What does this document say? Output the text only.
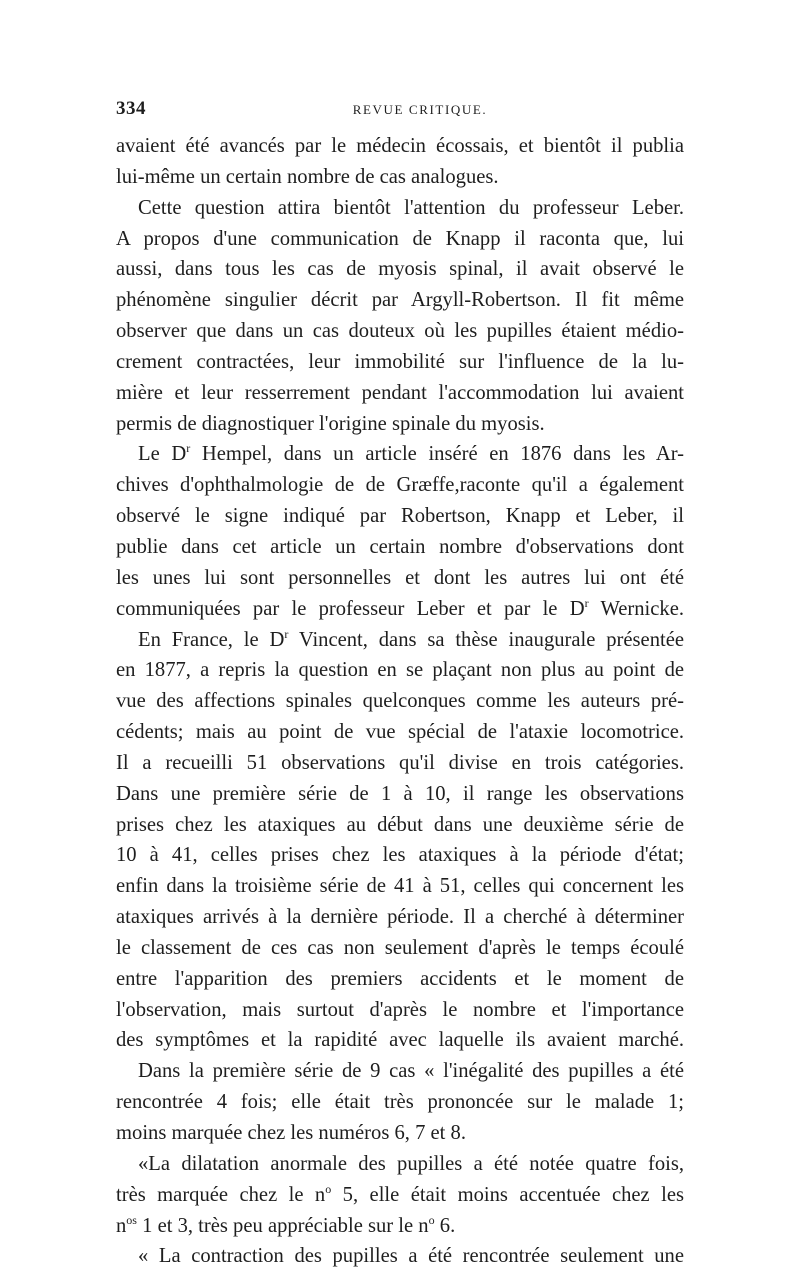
334	REVUE CRITIQUE.
avaient été avancés par le médecin écossais, et bientôt il publia
lui-même un certain nombre de cas analogues.
Cette question attira bientôt l'attention du professeur Leber.
A propos d'une communication de Knapp il raconta que, lui
aussi, dans tous les cas de myosis spinal, il avait observé le
phénomène singulier décrit par Argyll-Robertson. Il fit même
observer que dans un cas douteux où les pupilles étaient médio-
crement contractées, leur immobilité sur l'influence de la lu-
mière et leur resserrement pendant l'accommodation lui avaient
permis de diagnostiquer l'origine spinale du myosis.
Le $D^r$ Hempel, dans un article inséré en 1876 dans les Ar-
chives d'ophthalmologie de de Græffe,raconte qu'il a également
observé le signe indiqué par Robertson, Knapp et Leber, il
publie dans cet article un certain nombre d'observations dont
les unes lui sont personnelles et dont les autres lui ont été
communiquées par le professeur Leber et par le $D^r$ Wernicke.
En France, le $D^r$ Vincent, dans sa thèse inaugurale présentée
en 1877, a repris la question en se plaçant non plus au point de
vue des affections spinales quelconques comme les auteurs pré-
cédents; mais au point de vue spécial de l'ataxie locomotrice.
Il a recueilli 51 observations qu'il divise en trois catégories.
Dans une première série de 1 à 10, il range les observations
prises chez les ataxiques au début dans une deuxième série de
10 à 41, celles prises chez les ataxiques à la période d'état;
enfin dans la troisième série de 41 à 51, celles qui concernent les
ataxiques arrivés à la dernière période. Il a cherché à déterminer
le classement de ces cas non seulement d'après le temps écoulé
entre l'apparition des premiers accidents et le moment de
l'observation, mais surtout d'après le nombre et l'importance
des symptômes et la rapidité avec laquelle ils avaient marché.
Dans la première série de 9 cas « l'inégalité des pupilles a été
rencontrée 4 fois; elle était très prononcée sur le malade 1;
moins marquée chez les numéros 6, 7 et 8.
«La dilatation anormale des pupilles a été notée quatre fois,
très marquée chez le $n^o$ 5, elle était moins accentuée chez les
$n^{os}$ 1 et 3, très peu appréciable sur le $n^o$ 6.
« La contraction des pupilles a été rencontrée seulement une
